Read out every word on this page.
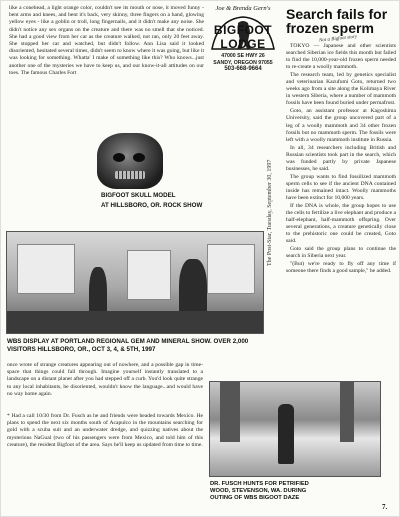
like a conehead, a light orange color, couldn't see its mouth or nose, it moved funny - bent arms and knees, and bent it's back, very skinny, three fingers on a hand, glowing yellow eyes - like a goblin or troll, long fingernails, and it didn't make any noise. She didn't notice any sex organs on the creature and there was no smell that she noticed. She had a good view from her car as the creature walked, not ran, only 20 feet away. She stopped her car and watched, but didn't follow. Ann Lisa said it looked disoriented, hesitated several times, didn't seem to know where it was going, but like it was looking for something. Whatta' I make of something like this? Who knows...just another one of the mysteries we have to keep us, and our know-it-all attitudes on our toes. The famous Charles Fort
Joe & Brenda Gern's
BIGFOOT LODGE
47000 SE HWY 26
SANDY, OREGON 97055
503-668-9664
Search fails for frozen sperm
Not a Bigfoot story

TOKYO — Japanese and other scientists searched Siberian ice fields this month but failed to find the 10,000-year-old frozen sperm needed to re-create a woolly mammoth.

The research team, led by genetics specialist and veterinarian Kazufumi Goto, returned two weeks ago from a site along the Kolimaya River in western Siberia, where a number of mammoth fossils have been found buried under permafrost.

Goto, an assistant professor at Kagoshima University, said the group uncovered part of a leg of a woolly mammoth and 34 other frozen fossils but no mammoth sperm. The fossils were left with a woolly mammoth institute in Russia.

In all, 34 researchers including British and Russian scientists took part in the search, which was funded partly by private Japanese businesses, he said.

The group wants to find fossilized mammoth sperm cells to see if the ancient DNA contained inside has remained intact. Woolly mammoths have been extinct for 10,000 years.

If the DNA is whole, the group hopes to use the cells to fertilize a live elephant and produce a half-elephant, half-mammoth offspring. Over several generations, a creature genetically close to the prehistoric one could be created, Goto said.

Goto said the group plans to continue the search in Siberia next year.

"(But) we're ready to fly off any time if someone there finds a good sample," he added.

The Post-Star, Tuesday, September 30, 1997
BIGFOOT SKULL MODEL
AT HILLSBORO, OR. ROCK SHOW
WBS DISPLAY AT PORTLAND REGIONAL GEM AND MINERAL SHOW. OVER 2,000 VISITORS HILLSBORO, OR., OCT 3, 4, & 5TH, 1997
once wrote of strange creatures appearing out of nowhere, and a possible gap in time-space that things could fall through. Imagine yourself instantly translated to a landscape on a distant planet after you had stepped off a curb. You'd look quite strange to any local inhabitants, be disoriented, wouldn't know the language...and would have no way home again.
* Had a call 10/30 from Dr. Fusch as he and friends were headed towards Mexico. He plans to spend the next six months south of Acapulco in the mountains searching for gold with a scuba suit and an underwater dredge, and quizzing natives about the mysterious NaGual (two of his passengers were from Mexico, and told him of this creature), the resident Bigfoot of the area. Says he'll keep us updated from time to time.
DR. FUSCH HUNTS FOR PETRIFIED
WOOD, STEVENSON, WA. DURING
OUTING OF WBS BIGOOT DAZE
7.
